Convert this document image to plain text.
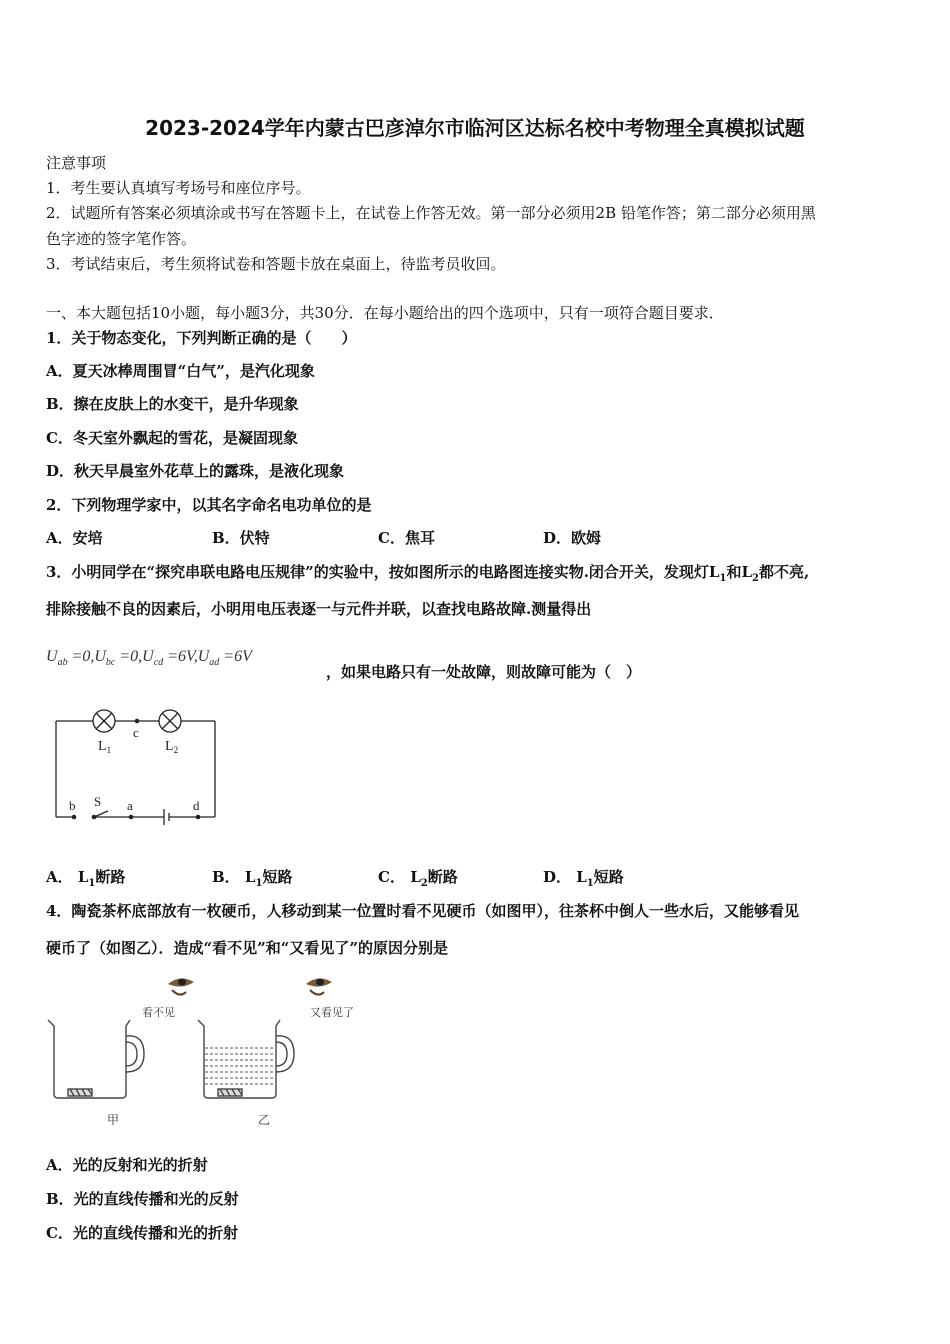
2023-2024学年内蒙古巴彦淖尔市临河区达标名校中考物理全真模拟试题
注意事项
1．考生要认真填写考场号和座位序号。
2．试题所有答案必须填涂或书写在答题卡上，在试卷上作答无效。第一部分必须用2B 铅笔作答；第二部分必须用黑
色字迹的签字笔作答。
3．考试结束后，考生须将试卷和答题卡放在桌面上，待监考员收回。
一、本大题包括10小题，每小题3分，共30分．在每小题给出的四个选项中，只有一项符合题目要求．
1．关于物态变化，下列判断正确的是（　　）
A．夏天冰棒周围冒“白气”，是汽化现象
B．擦在皮肤上的水变干，是升华现象
C．冬天室外飘起的雪花，是凝固现象
D．秋天早晨室外花草上的露珠，是液化现象
2．下列物理学家中，以其名字命名电功单位的是
A．安培	B．伏特	C．焦耳	D．欧姆
3．小明同学在“探究串联电路电压规律”的实验中，按如图所示的电路图连接实物.闭合开关，发现灯$L_1$和$L_2$都不亮,
排除接触不良的因素后，小明用电压表逐一与元件并联，以查找电路故障.测量得出
$U_{ab} =0,U_{bc} =0,U_{cd} =6V,U_{ad} =6V$
，如果电路只有一处故障，则故障可能为（　）
$L_1$	$L_2$
c
b S a	d
A． $L_1$断路	B． $L_1$短路	C． $L_2$断路	D． $L_1$短路
4．陶瓷茶杯底部放有一枚硬币，人移动到某一位置时看不见硬币（如图甲），往茶杯中倒人一些水后，又能够看见
硬币了（如图乙）．造成“看不见”和“又看见了”的原因分别是
看不见	又看见了
甲	乙
A．光的反射和光的折射
B．光的直线传播和光的反射
C．光的直线传播和光的折射
